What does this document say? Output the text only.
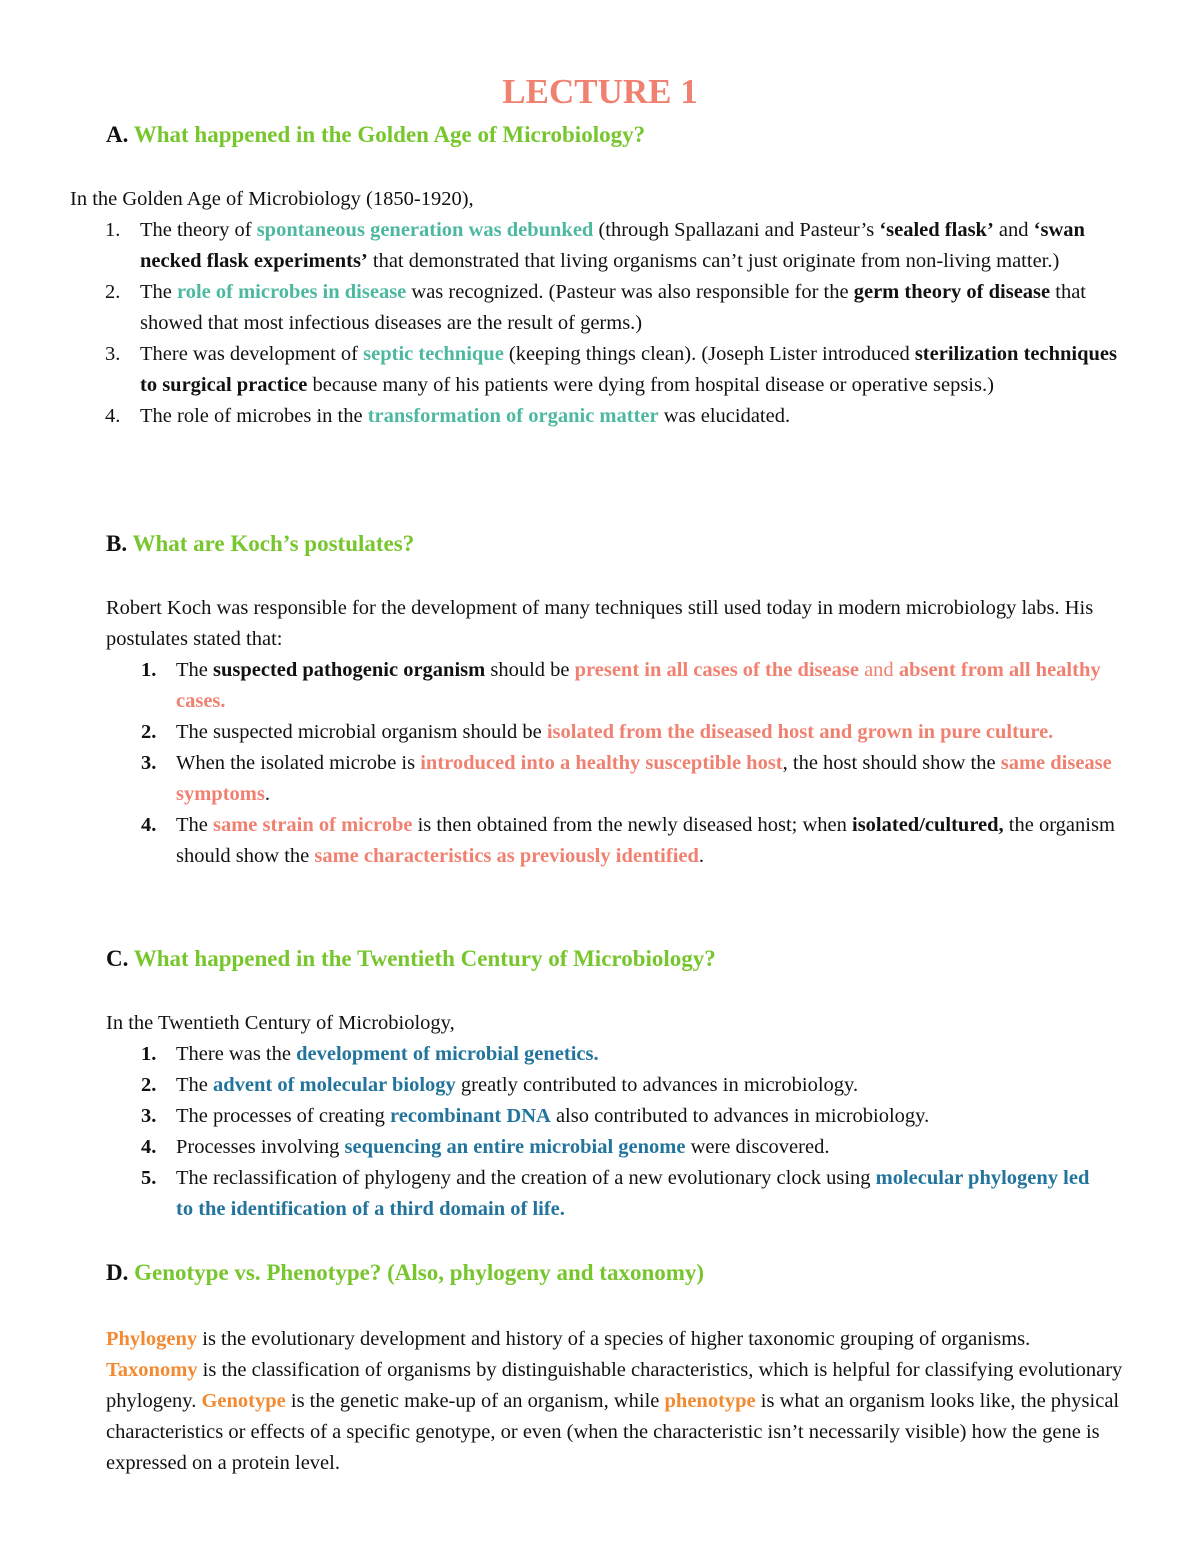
LECTURE 1
A. What happened in the Golden Age of Microbiology?

In the Golden Age of Microbiology (1850-1920),

1. The theory of spontaneous generation was debunked (through Spallazani and Pasteur’s ‘sealed flask’ and ‘swan necked flask experiments’ that demonstrated that living organisms can’t just originate from non-living matter.)
2. The role of microbes in disease was recognized. (Pasteur was also responsible for the germ theory of disease that showed that most infectious diseases are the result of germs.)
3. There was development of septic technique (keeping things clean). (Joseph Lister introduced sterilization techniques to surgical practice because many of his patients were dying from hospital disease or operative sepsis.)
4. The role of microbes in the transformation of organic matter was elucidated.
B. What are Koch’s postulates?

Robert Koch was responsible for the development of many techniques still used today in modern microbiology labs. His postulates stated that:

1. The suspected pathogenic organism should be present in all cases of the disease and absent from all healthy cases.
2. The suspected microbial organism should be isolated from the diseased host and grown in pure culture.
3. When the isolated microbe is introduced into a healthy susceptible host, the host should show the same disease symptoms.
4. The same strain of microbe is then obtained from the newly diseased host; when isolated/cultured, the organism should show the same characteristics as previously identified.
C. What happened in the Twentieth Century of Microbiology?

In the Twentieth Century of Microbiology,

1. There was the development of microbial genetics.
2. The advent of molecular biology greatly contributed to advances in microbiology.
3. The processes of creating recombinant DNA also contributed to advances in microbiology.
4. Processes involving sequencing an entire microbial genome were discovered.
5. The reclassification of phylogeny and the creation of a new evolutionary clock using molecular phylogeny led to the identification of a third domain of life.
D. Genotype vs. Phenotype? (Also, phylogeny and taxonomy)

Phylogeny is the evolutionary development and history of a species of higher taxonomic grouping of organisms. Taxonomy is the classification of organisms by distinguishable characteristics, which is helpful for classifying evolutionary phylogeny. Genotype is the genetic make-up of an organism, while phenotype is what an organism looks like, the physical characteristics or effects of a specific genotype, or even (when the characteristic isn’t necessarily visible) how the gene is expressed on a protein level.
